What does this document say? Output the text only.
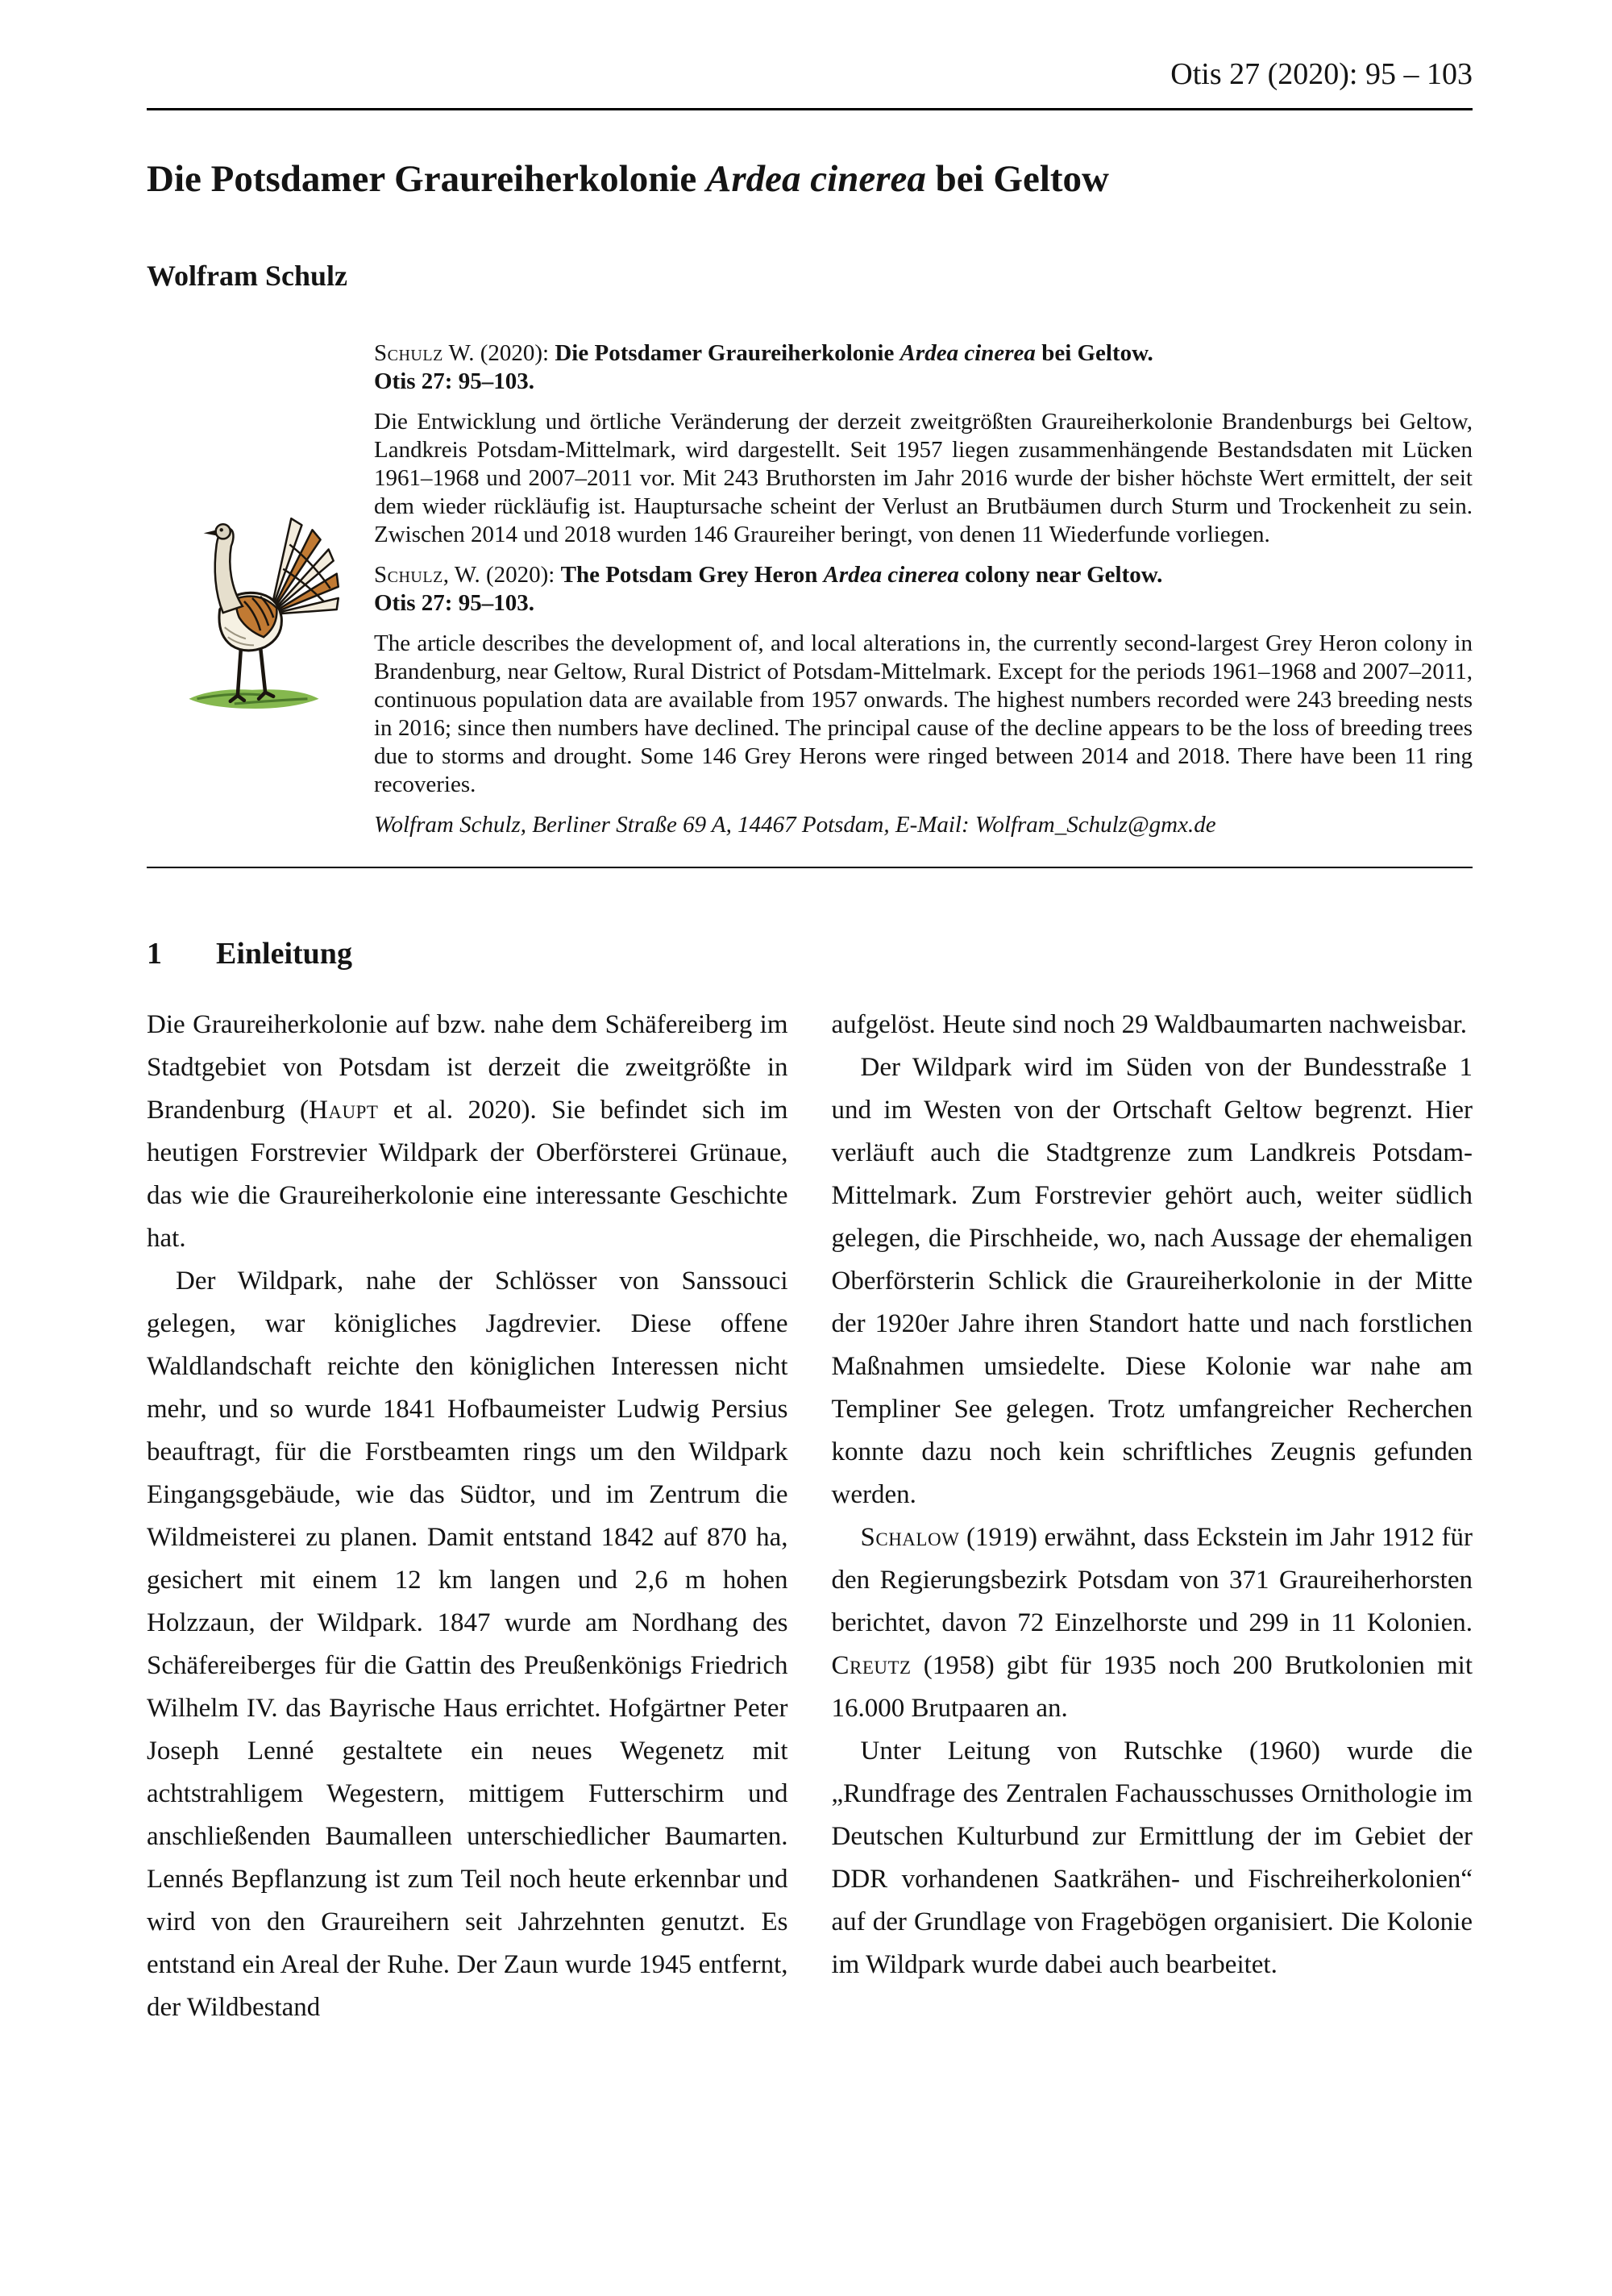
Otis 27 (2020): 95 – 103
Die Potsdamer Graureiherkolonie Ardea cinerea bei Geltow
Wolfram Schulz

Schulz W. (2020): Die Potsdamer Graureiherkolonie Ardea cinerea bei Geltow.
Otis 27: 95–103.

Die Entwicklung und örtliche Veränderung der derzeit zweitgrößten Graureiherkolonie Brandenburgs bei Geltow, Landkreis Potsdam-Mittelmark, wird dargestellt. Seit 1957 liegen zusammenhängende Bestandsdaten mit Lücken 1961–1968 und 2007–2011 vor. Mit 243 Bruthorsten im Jahr 2016 wurde der bisher höchste Wert ermittelt, der seit dem wieder rückläufig ist. Hauptursache scheint der Verlust an Brutbäumen durch Sturm und Trockenheit zu sein. Zwischen 2014 und 2018 wurden 146 Graureiher beringt, von denen 11 Wiederfunde vorliegen.

Schulz, W. (2020): The Potsdam Grey Heron Ardea cinerea colony near Geltow.
Otis 27: 95–103.

The article describes the development of, and local alterations in, the currently second-largest Grey Heron colony in Brandenburg, near Geltow, Rural District of Potsdam-Mittelmark. Except for the periods 1961–1968 and 2007–2011, continuous population data are available from 1957 onwards. The highest numbers recorded were 243 breeding nests in 2016; since then numbers have declined. The principal cause of the decline appears to be the loss of breeding trees due to storms and drought. Some 146 Grey Herons were ringed between 2014 and 2018. There have been 11 ring recoveries.

Wolfram Schulz, Berliner Straße 69 A, 14467 Potsdam, E-Mail: Wolfram_Schulz@gmx.de

1 Einleitung

Die Graureiherkolonie auf bzw. nahe dem Schäfereiberg im Stadtgebiet von Potsdam ist derzeit die zweitgrößte in Brandenburg (Haupt et al. 2020). Sie befindet sich im heutigen Forstrevier Wildpark der Oberförsterei Grünaue, das wie die Graureiherkolonie eine interessante Geschichte hat.

Der Wildpark, nahe der Schlösser von Sanssouci gelegen, war königliches Jagdrevier. Diese offene Waldlandschaft reichte den königlichen Interessen nicht mehr, und so wurde 1841 Hofbaumeister Ludwig Persius beauftragt, für die Forstbeamten rings um den Wildpark Eingangsgebäude, wie das Südtor, und im Zentrum die Wildmeisterei zu planen. Damit entstand 1842 auf 870 ha, gesichert mit einem 12 km langen und 2,6 m hohen Holzzaun, der Wildpark. 1847 wurde am Nordhang des Schäfereiberges für die Gattin des Preußenkönigs Friedrich Wilhelm IV. das Bayrische Haus errichtet. Hofgärtner Peter Joseph Lenné gestaltete ein neues Wegenetz mit achtstrahligem Wegestern, mittigem Futterschirm und anschließenden Baumalleen unterschiedlicher Baumarten. Lennés Bepflanzung ist zum Teil noch heute erkennbar und wird von den Graureihern seit Jahrzehnten genutzt. Es entstand ein Areal der Ruhe. Der Zaun wurde 1945 entfernt, der Wildbestand

aufgelöst. Heute sind noch 29 Waldbaumarten nachweisbar.

Der Wildpark wird im Süden von der Bundesstraße 1 und im Westen von der Ortschaft Geltow begrenzt. Hier verläuft auch die Stadtgrenze zum Landkreis Potsdam-Mittelmark. Zum Forstrevier gehört auch, weiter südlich gelegen, die Pirschheide, wo, nach Aussage der ehemaligen Oberförsterin Schlick die Graureiherkolonie in der Mitte der 1920er Jahre ihren Standort hatte und nach forstlichen Maßnahmen umsiedelte. Diese Kolonie war nahe am Templiner See gelegen. Trotz umfangreicher Recherchen konnte dazu noch kein schriftliches Zeugnis gefunden werden.

Schalow (1919) erwähnt, dass Eckstein im Jahr 1912 für den Regierungsbezirk Potsdam von 371 Graureiherhorsten berichtet, davon 72 Einzelhorste und 299 in 11 Kolonien. Creutz (1958) gibt für 1935 noch 200 Brutkolonien mit 16.000 Brutpaaren an.

Unter Leitung von Rutschke (1960) wurde die „Rundfrage des Zentralen Fachausschusses Ornithologie im Deutschen Kulturbund zur Ermittlung der im Gebiet der DDR vorhandenen Saatkrähen- und Fischreiherkolonien“ auf der Grundlage von Fragebögen organisiert. Die Kolonie im Wildpark wurde dabei auch bearbeitet.
